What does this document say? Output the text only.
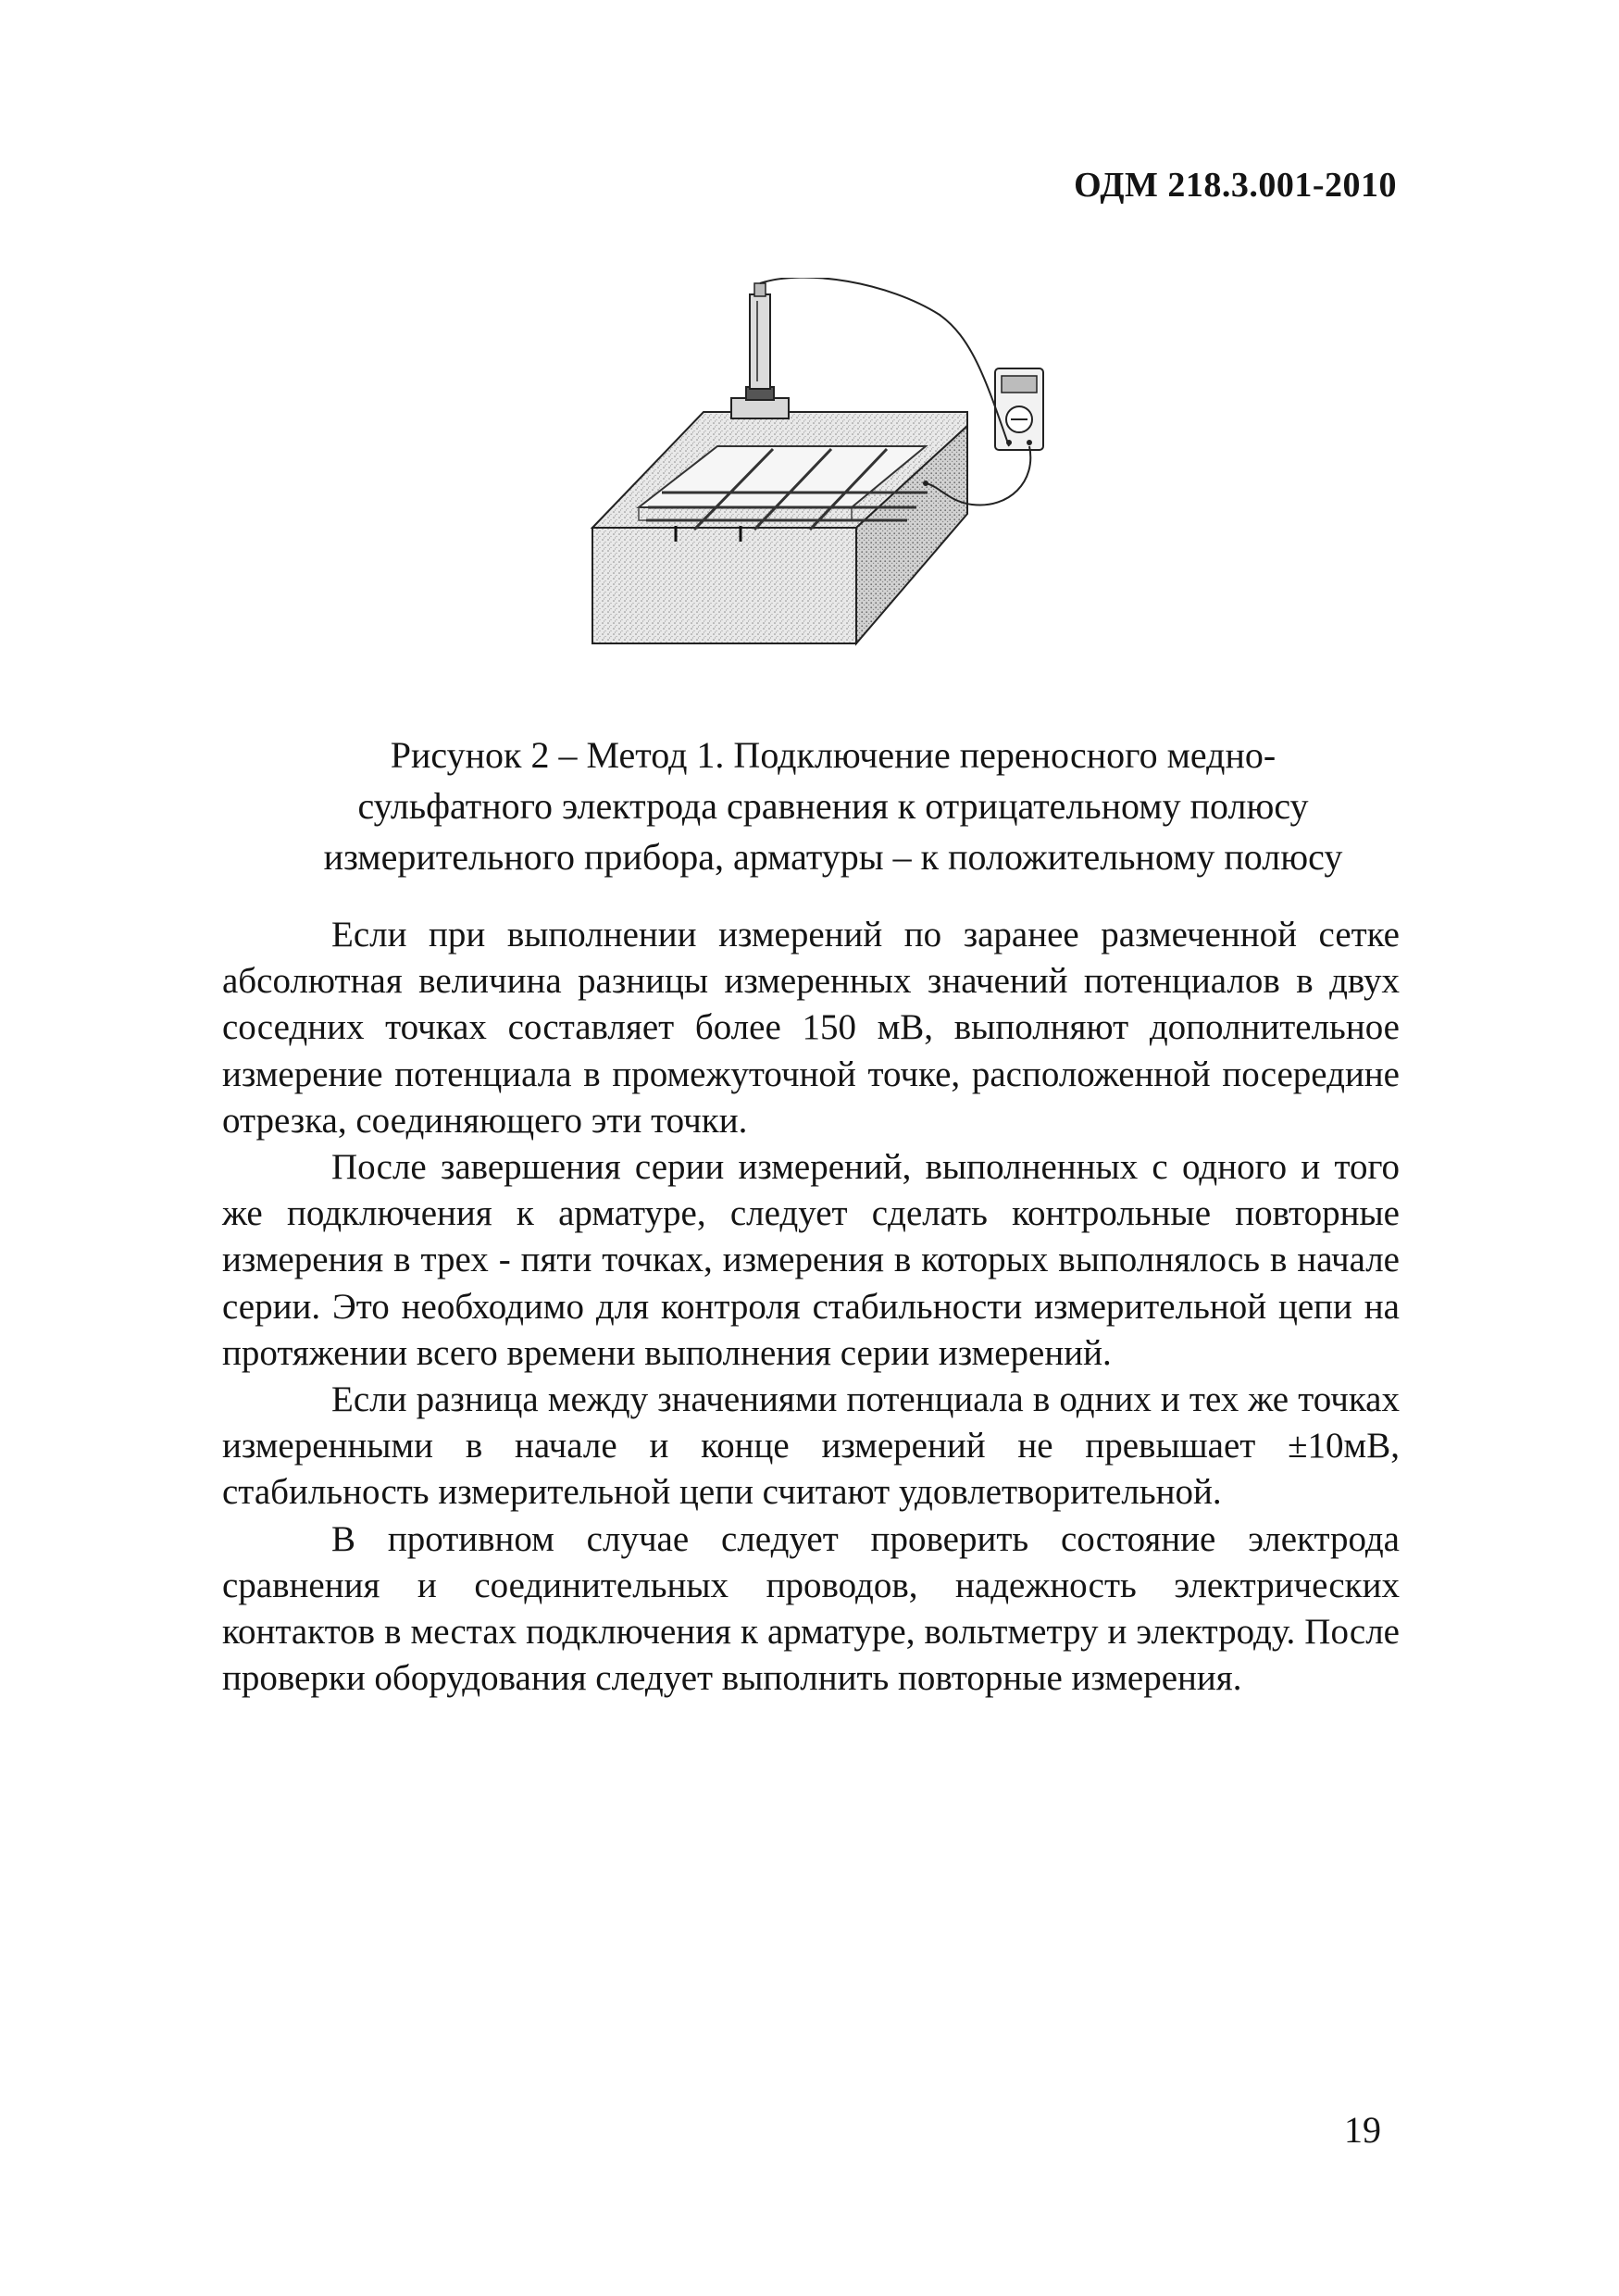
ОДМ 218.3.001-2010
Рисунок 2 – Метод 1. Подключение переносного медно-
сульфатного электрода сравнения к отрицательному полюсу
измерительного прибора, арматуры – к положительному полюсу

Если при выполнении измерений по заранее размеченной сетке абсолютная величина разницы измеренных значений потенциалов в двух соседних точках составляет более 150 мВ, выполняют дополнительное измерение потенциала в промежуточной точке, расположенной посередине отрезка, соединяющего эти точки.

После завершения серии измерений, выполненных с одного и того же подключения к арматуре, следует сделать контрольные повторные измерения в трех - пяти точках, измерения в которых выполнялось в начале серии. Это необходимо для контроля стабильности измерительной цепи на протяжении всего времени выполнения серии измерений.

Если разница между значениями потенциала в одних и тех же точках измеренными в начале и конце измерений не превышает ±10мВ, стабильность измерительной цепи считают удовлетворительной.

В противном случае следует проверить состояние электрода сравнения и соединительных проводов, надежность электрических контактов в местах подключения к арматуре, вольтметру и электроду. После проверки оборудования следует выполнить повторные измерения.

19
